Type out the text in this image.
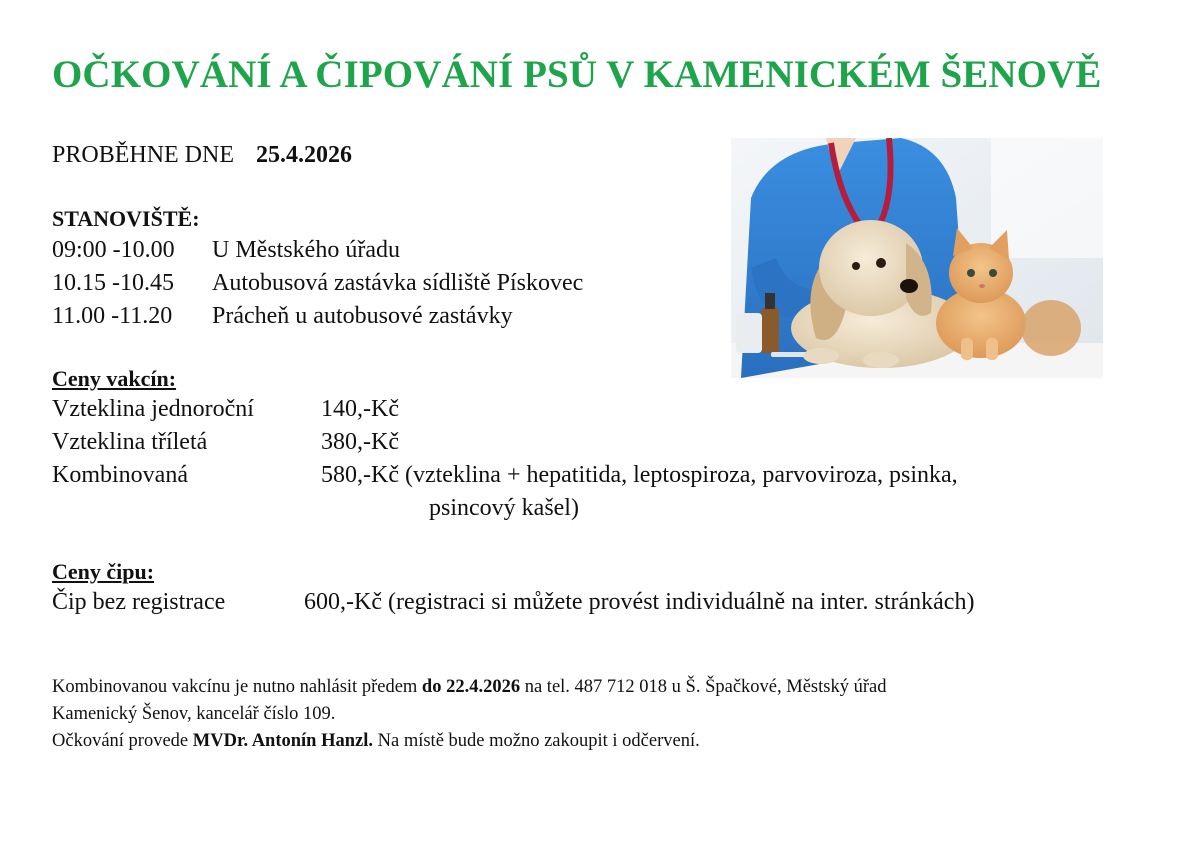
OČKOVÁNÍ A ČIPOVÁNÍ PSŮ V KAMENICKÉM ŠENOVĚ
PROBĚHNE DNE 25.4.2026
STANOVIŠTĚ:
09:00 -10.00 U Městského úřadu
10.15 -10.45 Autobusová zastávka sídliště Pískovec
11.00 -11.20 Prácheň u autobusové zastávky
Ceny vakcín:
Vzteklina jednoroční	140,-Kč
Vzteklina tříletá	380,-Kč
Kombinovaná	580,-Kč (vzteklina + hepatitida, leptospiroza, parvoviroza, psinka,
psincový kašel)
Ceny čipu:
Čip bez registrace	600,-Kč (registraci si můžete provést individuálně na inter. stránkách)
Kombinovanou vakcínu je nutno nahlásit předem do 22.4.2026 na tel. 487 712 018 u Š. Špačkové, Městský úřad
Kamenický Šenov, kancelář číslo 109.
Očkování provede MVDr. Antonín Hanzl. Na místě bude možno zakoupit i odčervení.
